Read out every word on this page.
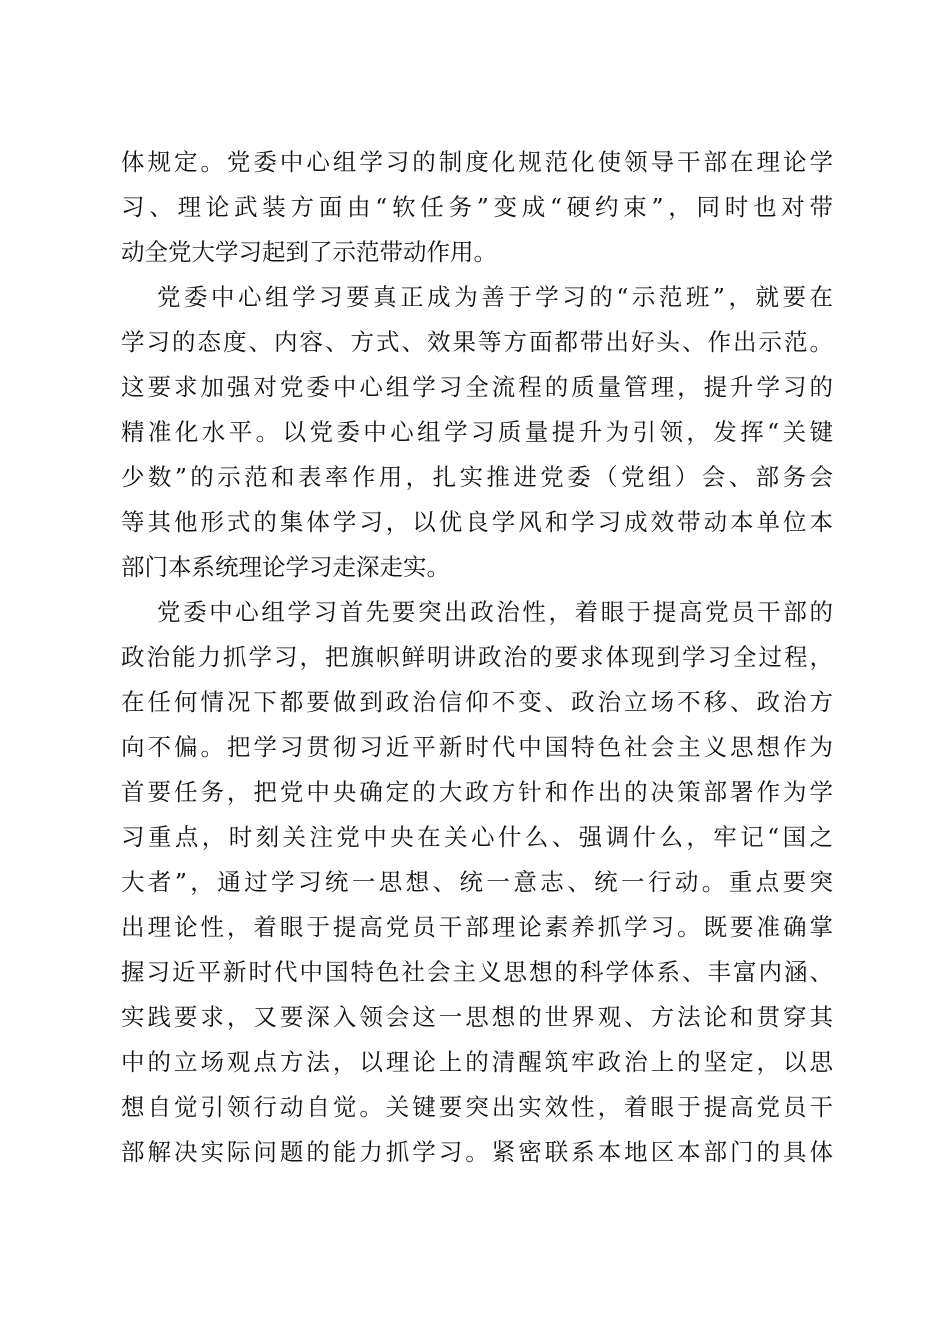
体规定。党委中心组学习的制度化规范化使领导干部在理论学
习、理论武装方面由“软任务”变成“硬约束”，同时也对带
动全党大学习起到了示范带动作用。
党委中心组学习要真正成为善于学习的“示范班”，就要在
学习的态度、内容、方式、效果等方面都带出好头、作出示范。
这要求加强对党委中心组学习全流程的质量管理，提升学习的
精准化水平。以党委中心组学习质量提升为引领，发挥“关键
少数”的示范和表率作用，扎实推进党委（党组）会、部务会
等其他形式的集体学习，以优良学风和学习成效带动本单位本
部门本系统理论学习走深走实。
党委中心组学习首先要突出政治性，着眼于提高党员干部的
政治能力抓学习，把旗帜鲜明讲政治的要求体现到学习全过程，
在任何情况下都要做到政治信仰不变、政治立场不移、政治方
向不偏。把学习贯彻习近平新时代中国特色社会主义思想作为
首要任务，把党中央确定的大政方针和作出的决策部署作为学
习重点，时刻关注党中央在关心什么、强调什么，牢记“国之
大者”，通过学习统一思想、统一意志、统一行动。重点要突
出理论性，着眼于提高党员干部理论素养抓学习。既要准确掌
握习近平新时代中国特色社会主义思想的科学体系、丰富内涵、
实践要求，又要深入领会这一思想的世界观、方法论和贯穿其
中的立场观点方法，以理论上的清醒筑牢政治上的坚定，以思
想自觉引领行动自觉。关键要突出实效性，着眼于提高党员干
部解决实际问题的能力抓学习。紧密联系本地区本部门的具体
